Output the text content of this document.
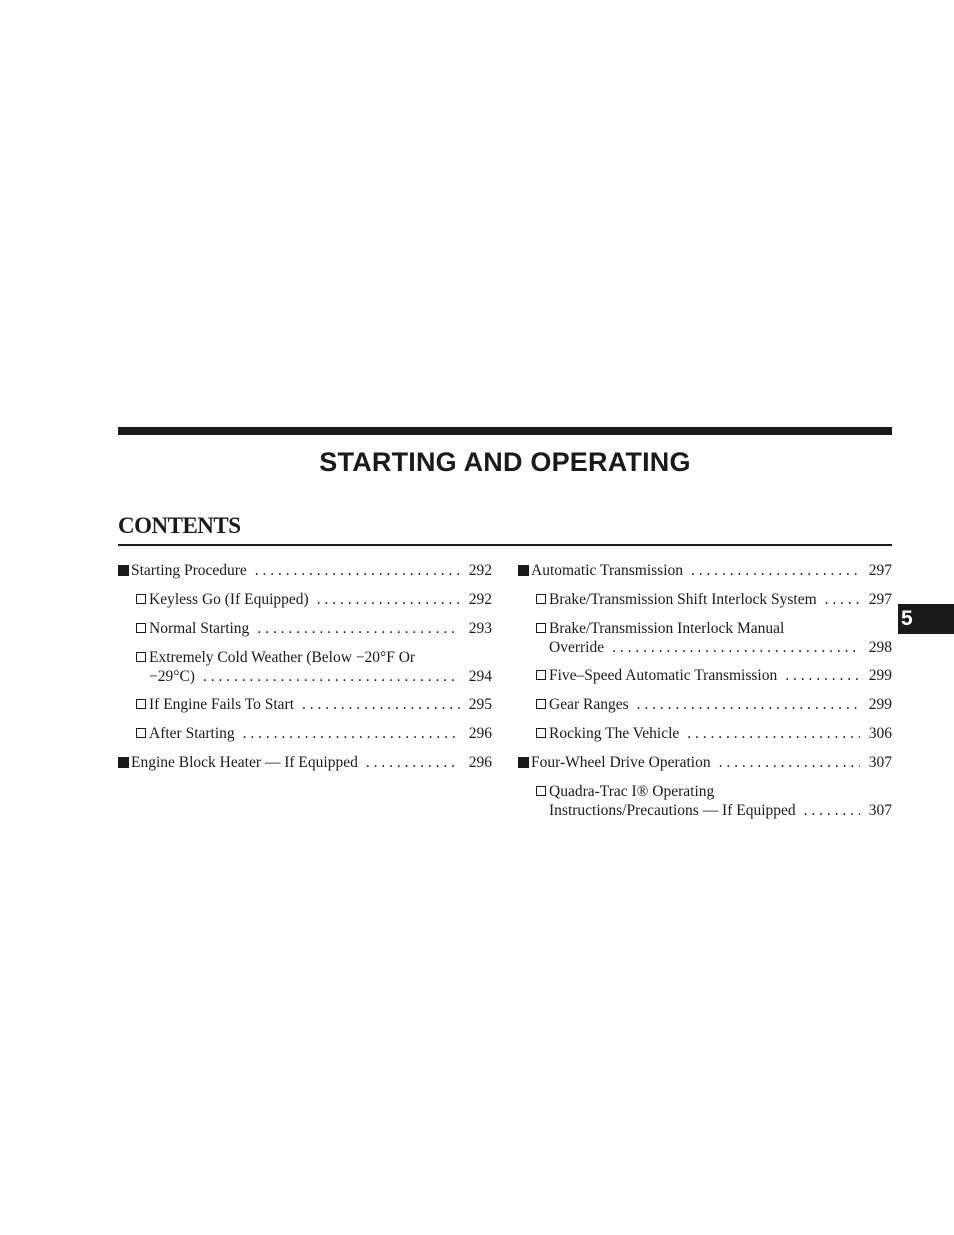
STARTING AND OPERATING
CONTENTS
Starting Procedure . . .	292
Keyless Go (If Equipped) . . .	292
Normal Starting . . .	293
Extremely Cold Weather (Below −20°F Or
−29°C) . . .	294
If Engine Fails To Start . . .	295
After Starting . . .	296
Engine Block Heater — If Equipped . . .	296
Automatic Transmission . . .	297
Brake/Transmission Shift Interlock System . . .	297
Brake/Transmission Interlock Manual
Override . . .	298
Five–Speed Automatic Transmission . . .	299
Gear Ranges . . .	299
Rocking The Vehicle . . .	306
Four-Wheel Drive Operation . . .	307
Quadra-Trac I® Operating
Instructions/Precautions — If Equipped . . .	307
5
